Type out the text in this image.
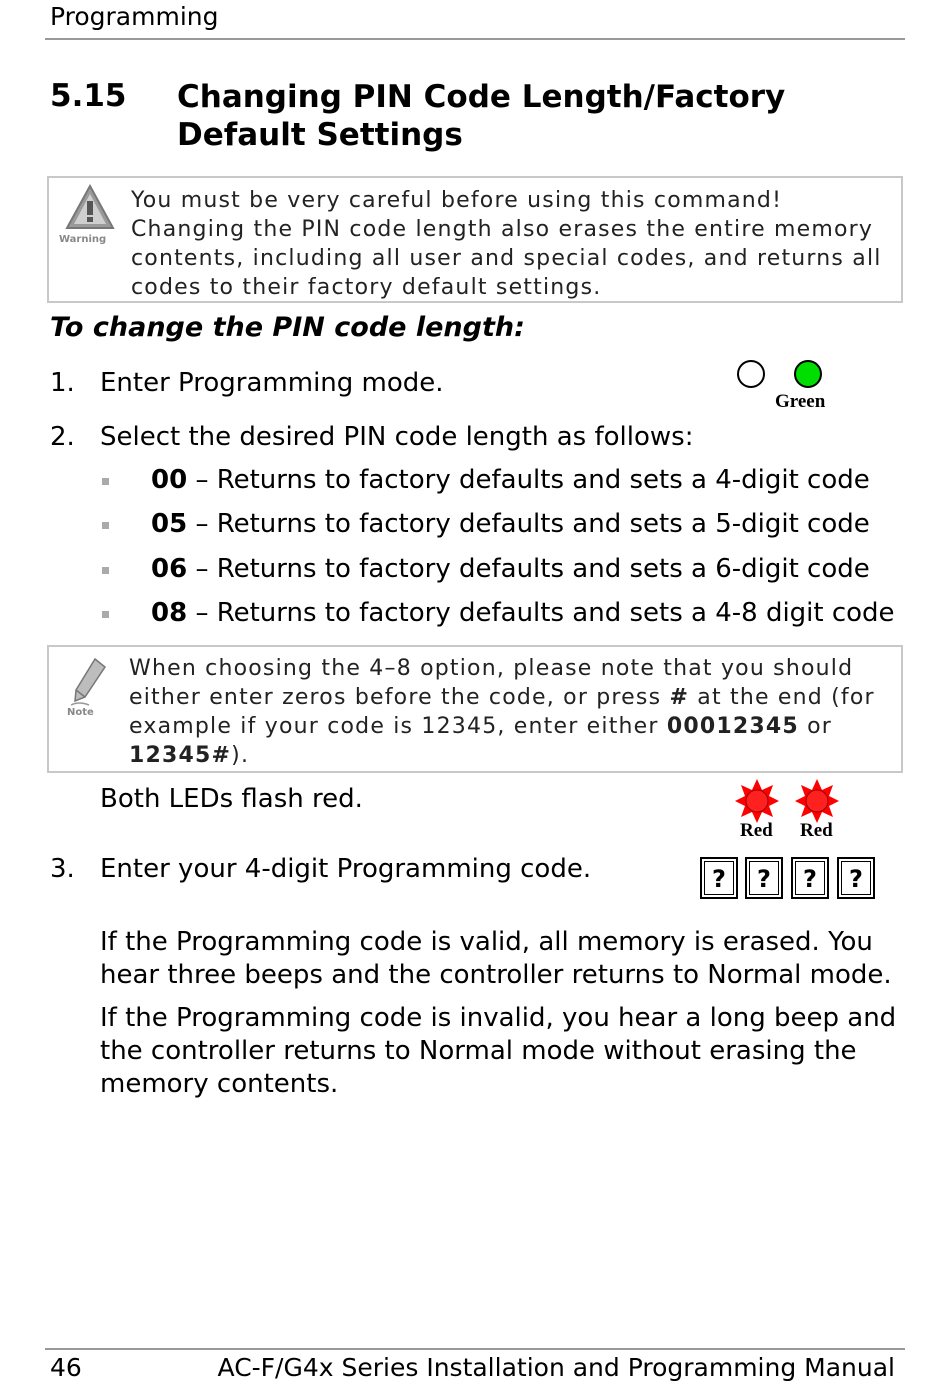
Programming
5.15 Changing PIN Code Length/Factory Default Settings
Warning
You must be very careful before using this command! Changing the PIN code length also erases the entire memory contents, including all user and special codes, and returns all codes to their factory default settings.
To change the PIN code length:
1. Enter Programming mode.
Green
2. Select the desired PIN code length as follows:
00 – Returns to factory defaults and sets a 4-digit code
05 – Returns to factory defaults and sets a 5-digit code
06 – Returns to factory defaults and sets a 6-digit code
08 – Returns to factory defaults and sets a 4-8 digit code
Note
When choosing the 4–8 option, please note that you should either enter zeros before the code, or press # at the end (for example if your code is 12345, enter either 00012345 or 12345#).
Both LEDs flash red.
Red Red
3. Enter your 4-digit Programming code.	?	?	?	?
If the Programming code is valid, all memory is erased. You hear three beeps and the controller returns to Normal mode.
If the Programming code is invalid, you hear a long beep and the controller returns to Normal mode without erasing the memory contents.
46	AC-F/G4x Series Installation and Programming Manual
